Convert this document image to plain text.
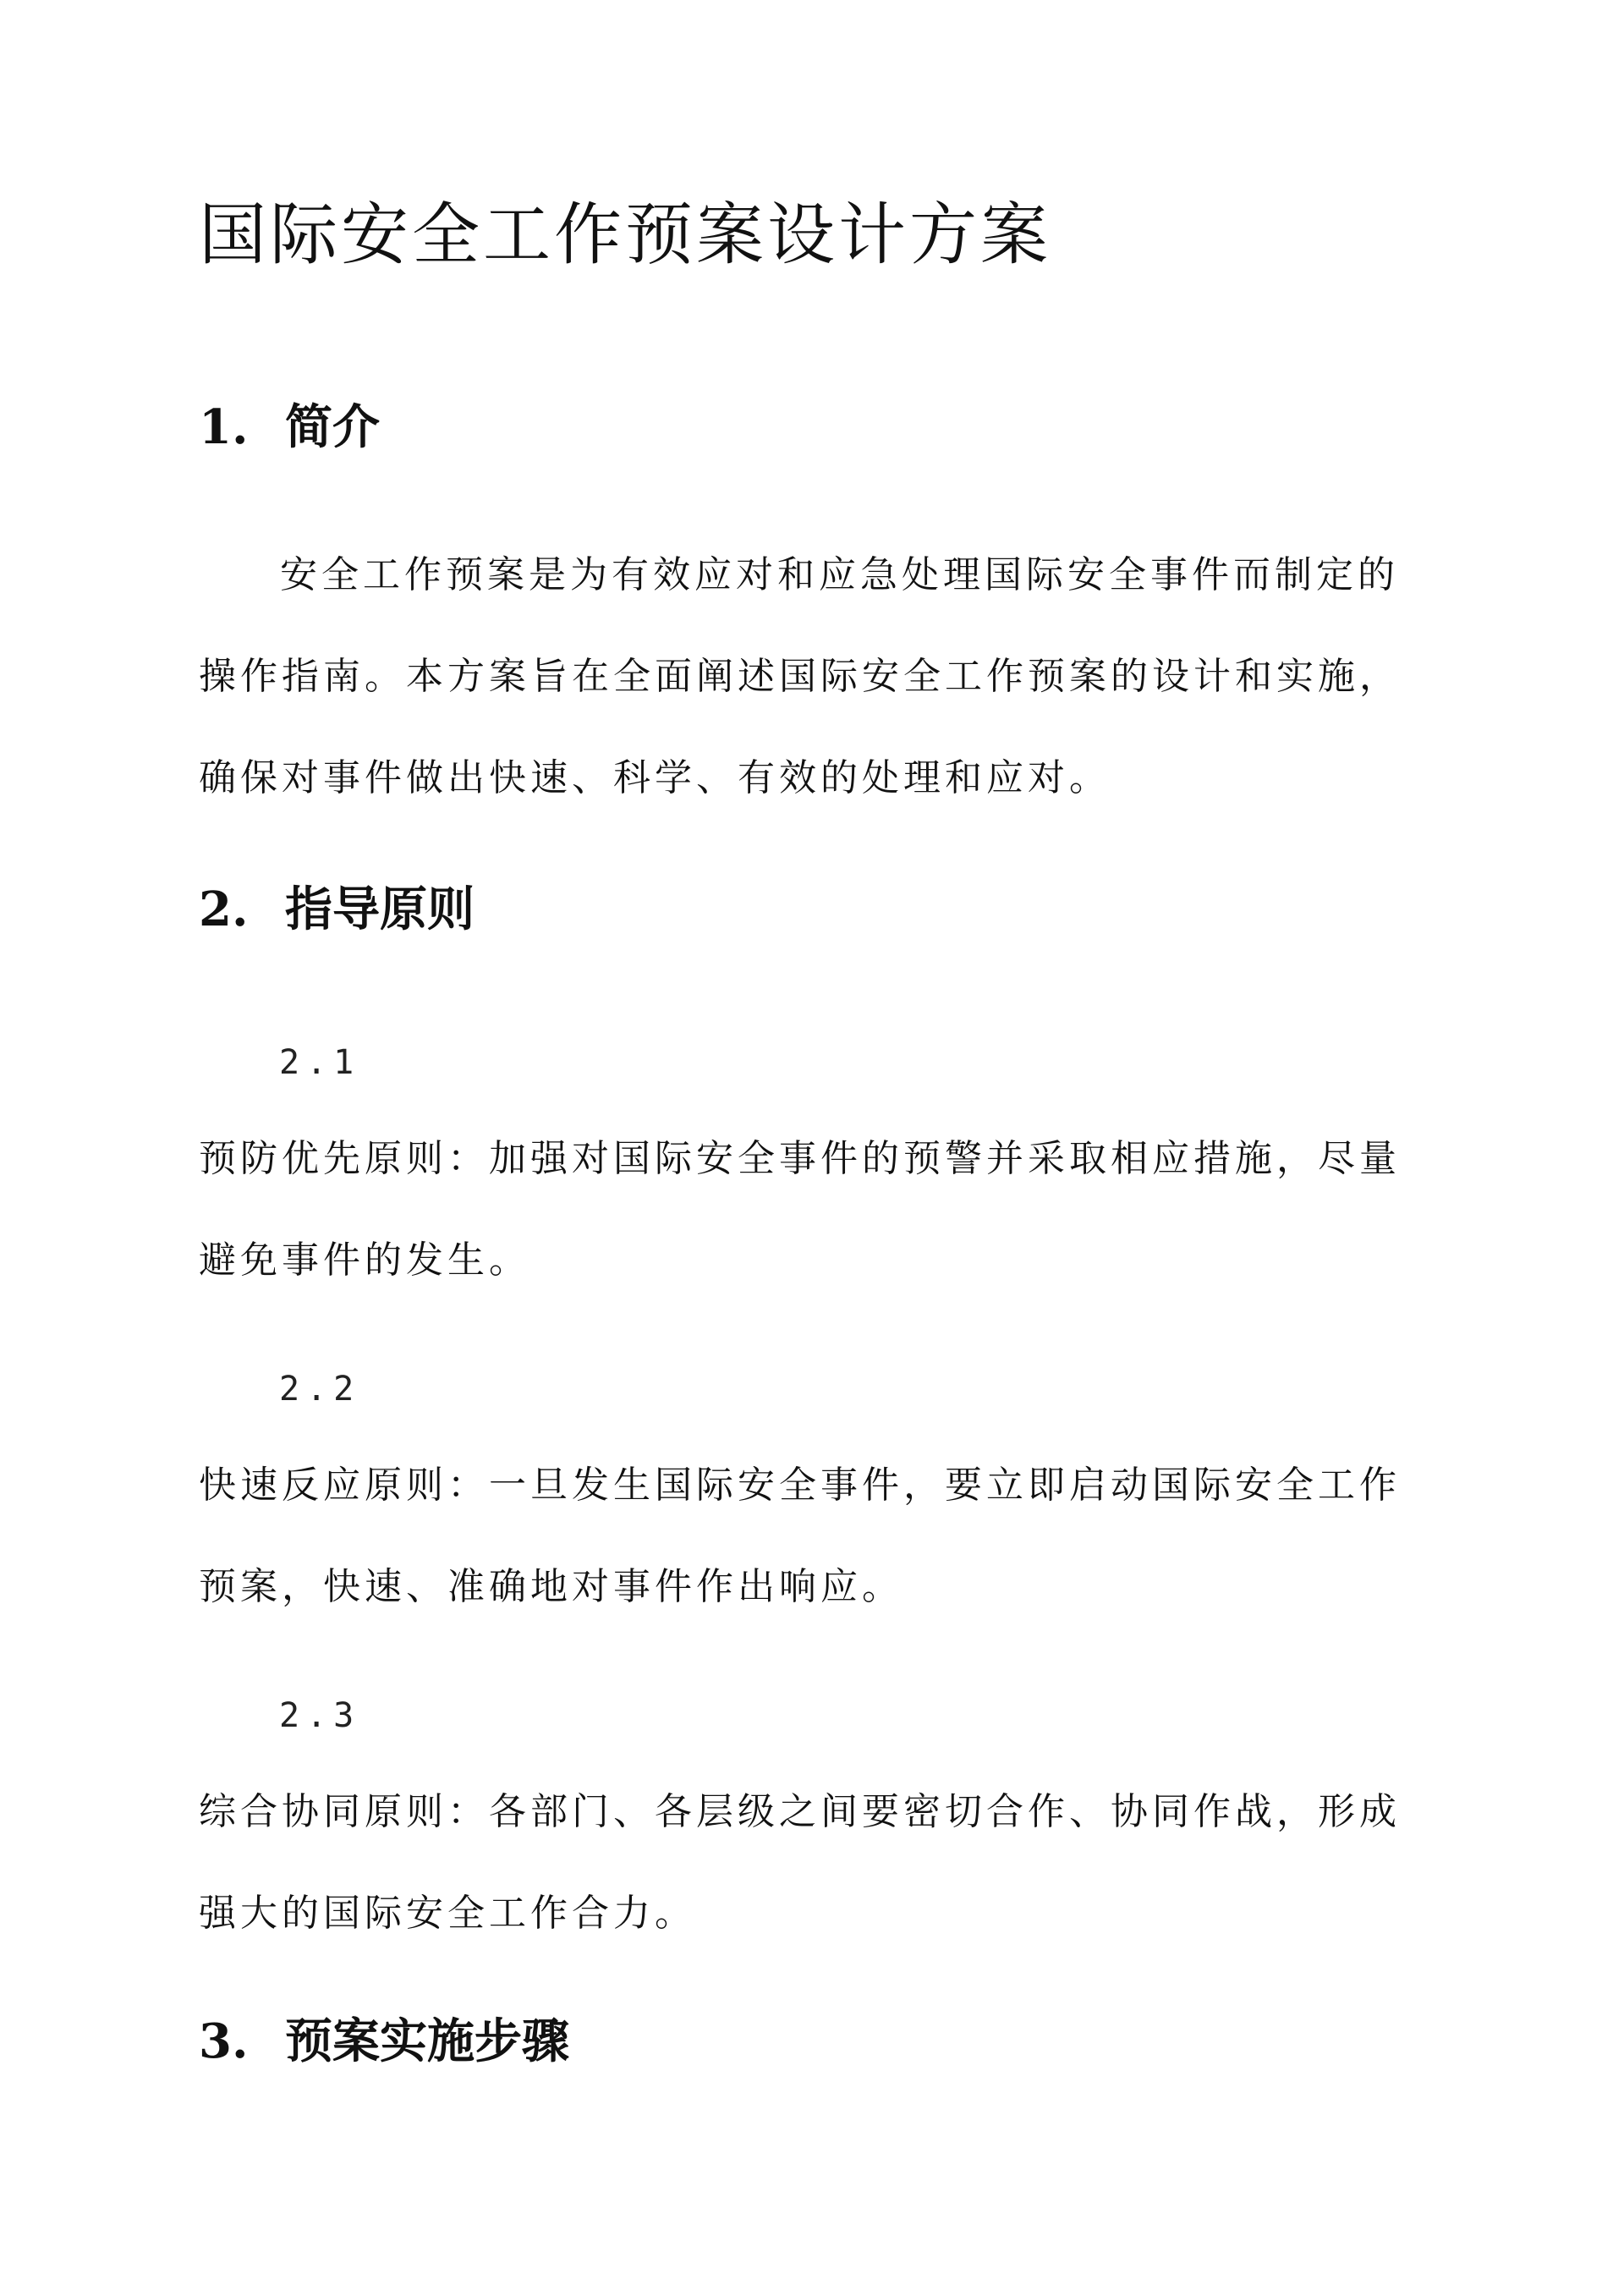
国际安全工作预案设计方案
1. 简介

安全工作预案是为有效应对和应急处理国际安全事件而制定的操作指南。本方案旨在全面阐述国际安全工作预案的设计和实施，确保对事件做出快速、科学、有效的处理和应对。

2. 指导原则
2.1

预防优先原则：加强对国际安全事件的预警并采取相应措施，尽量避免事件的发生。

2.2

快速反应原则：一旦发生国际安全事件，要立即启动国际安全工作预案，快速、准确地对事件作出响应。

2.3

综合协同原则：各部门、各层级之间要密切合作、协同作战，形成强大的国际安全工作合力。

3. 预案实施步骤
